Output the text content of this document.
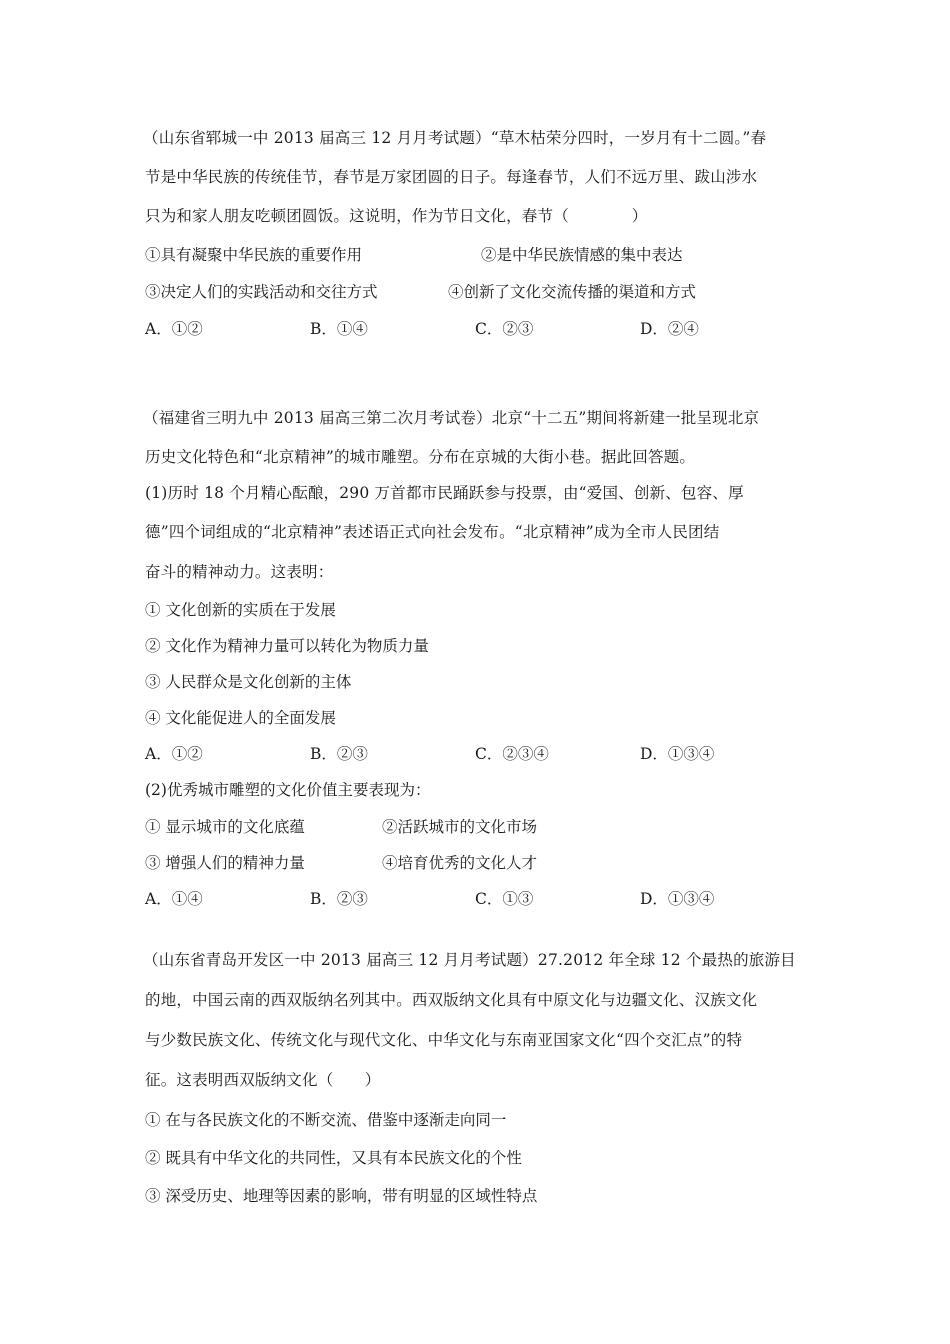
（山东省郓城一中 2013 届高三 12 月月考试题）“草木枯荣分四时，一岁月有十二圆。”春
节是中华民族的传统佳节，春节是万家团圆的日子。每逢春节，人们不远万里、跋山涉水
只为和家人朋友吃顿团圆饭。这说明，作为节日文化，春节（　　　　）
①具有凝聚中华民族的重要作用	②是中华民族情感的集中表达
③决定人们的实践活动和交往方式	④创新了文化交流传播的渠道和方式
A．①②	B．①④	C．②③	D．②④
（福建省三明九中 2013 届高三第二次月考试卷）北京“十二五”期间将新建一批呈现北京
历史文化特色和“北京精神”的城市雕塑。分布在京城的大街小巷。据此回答题。
(1)历时 18 个月精心酝酿，290 万首都市民踊跃参与投票，由“爱国、创新、包容、厚
德”四个词组成的“北京精神”表述语正式向社会发布。“北京精神”成为全市人民团结
奋斗的精神动力。这表明：
① 文化创新的实质在于发展
② 文化作为精神力量可以转化为物质力量
③ 人民群众是文化创新的主体
④ 文化能促进人的全面发展
A．①②	B．②③	C．②③④	D．①③④
(2)优秀城市雕塑的文化价值主要表现为：
① 显示城市的文化底蕴	②活跃城市的文化市场
③ 增强人们的精神力量	④培育优秀的文化人才
A．①④	B．②③	C．①③	D．①③④
（山东省青岛开发区一中 2013 届高三 12 月月考试题）27.2012 年全球 12 个最热的旅游目
的地，中国云南的西双版纳名列其中。西双版纳文化具有中原文化与边疆文化、汉族文化
与少数民族文化、传统文化与现代文化、中华文化与东南亚国家文化“四个交汇点”的特
征。这表明西双版纳文化（　　）
① 在与各民族文化的不断交流、借鉴中逐渐走向同一
② 既具有中华文化的共同性，又具有本民族文化的个性
③ 深受历史、地理等因素的影响，带有明显的区域性特点
